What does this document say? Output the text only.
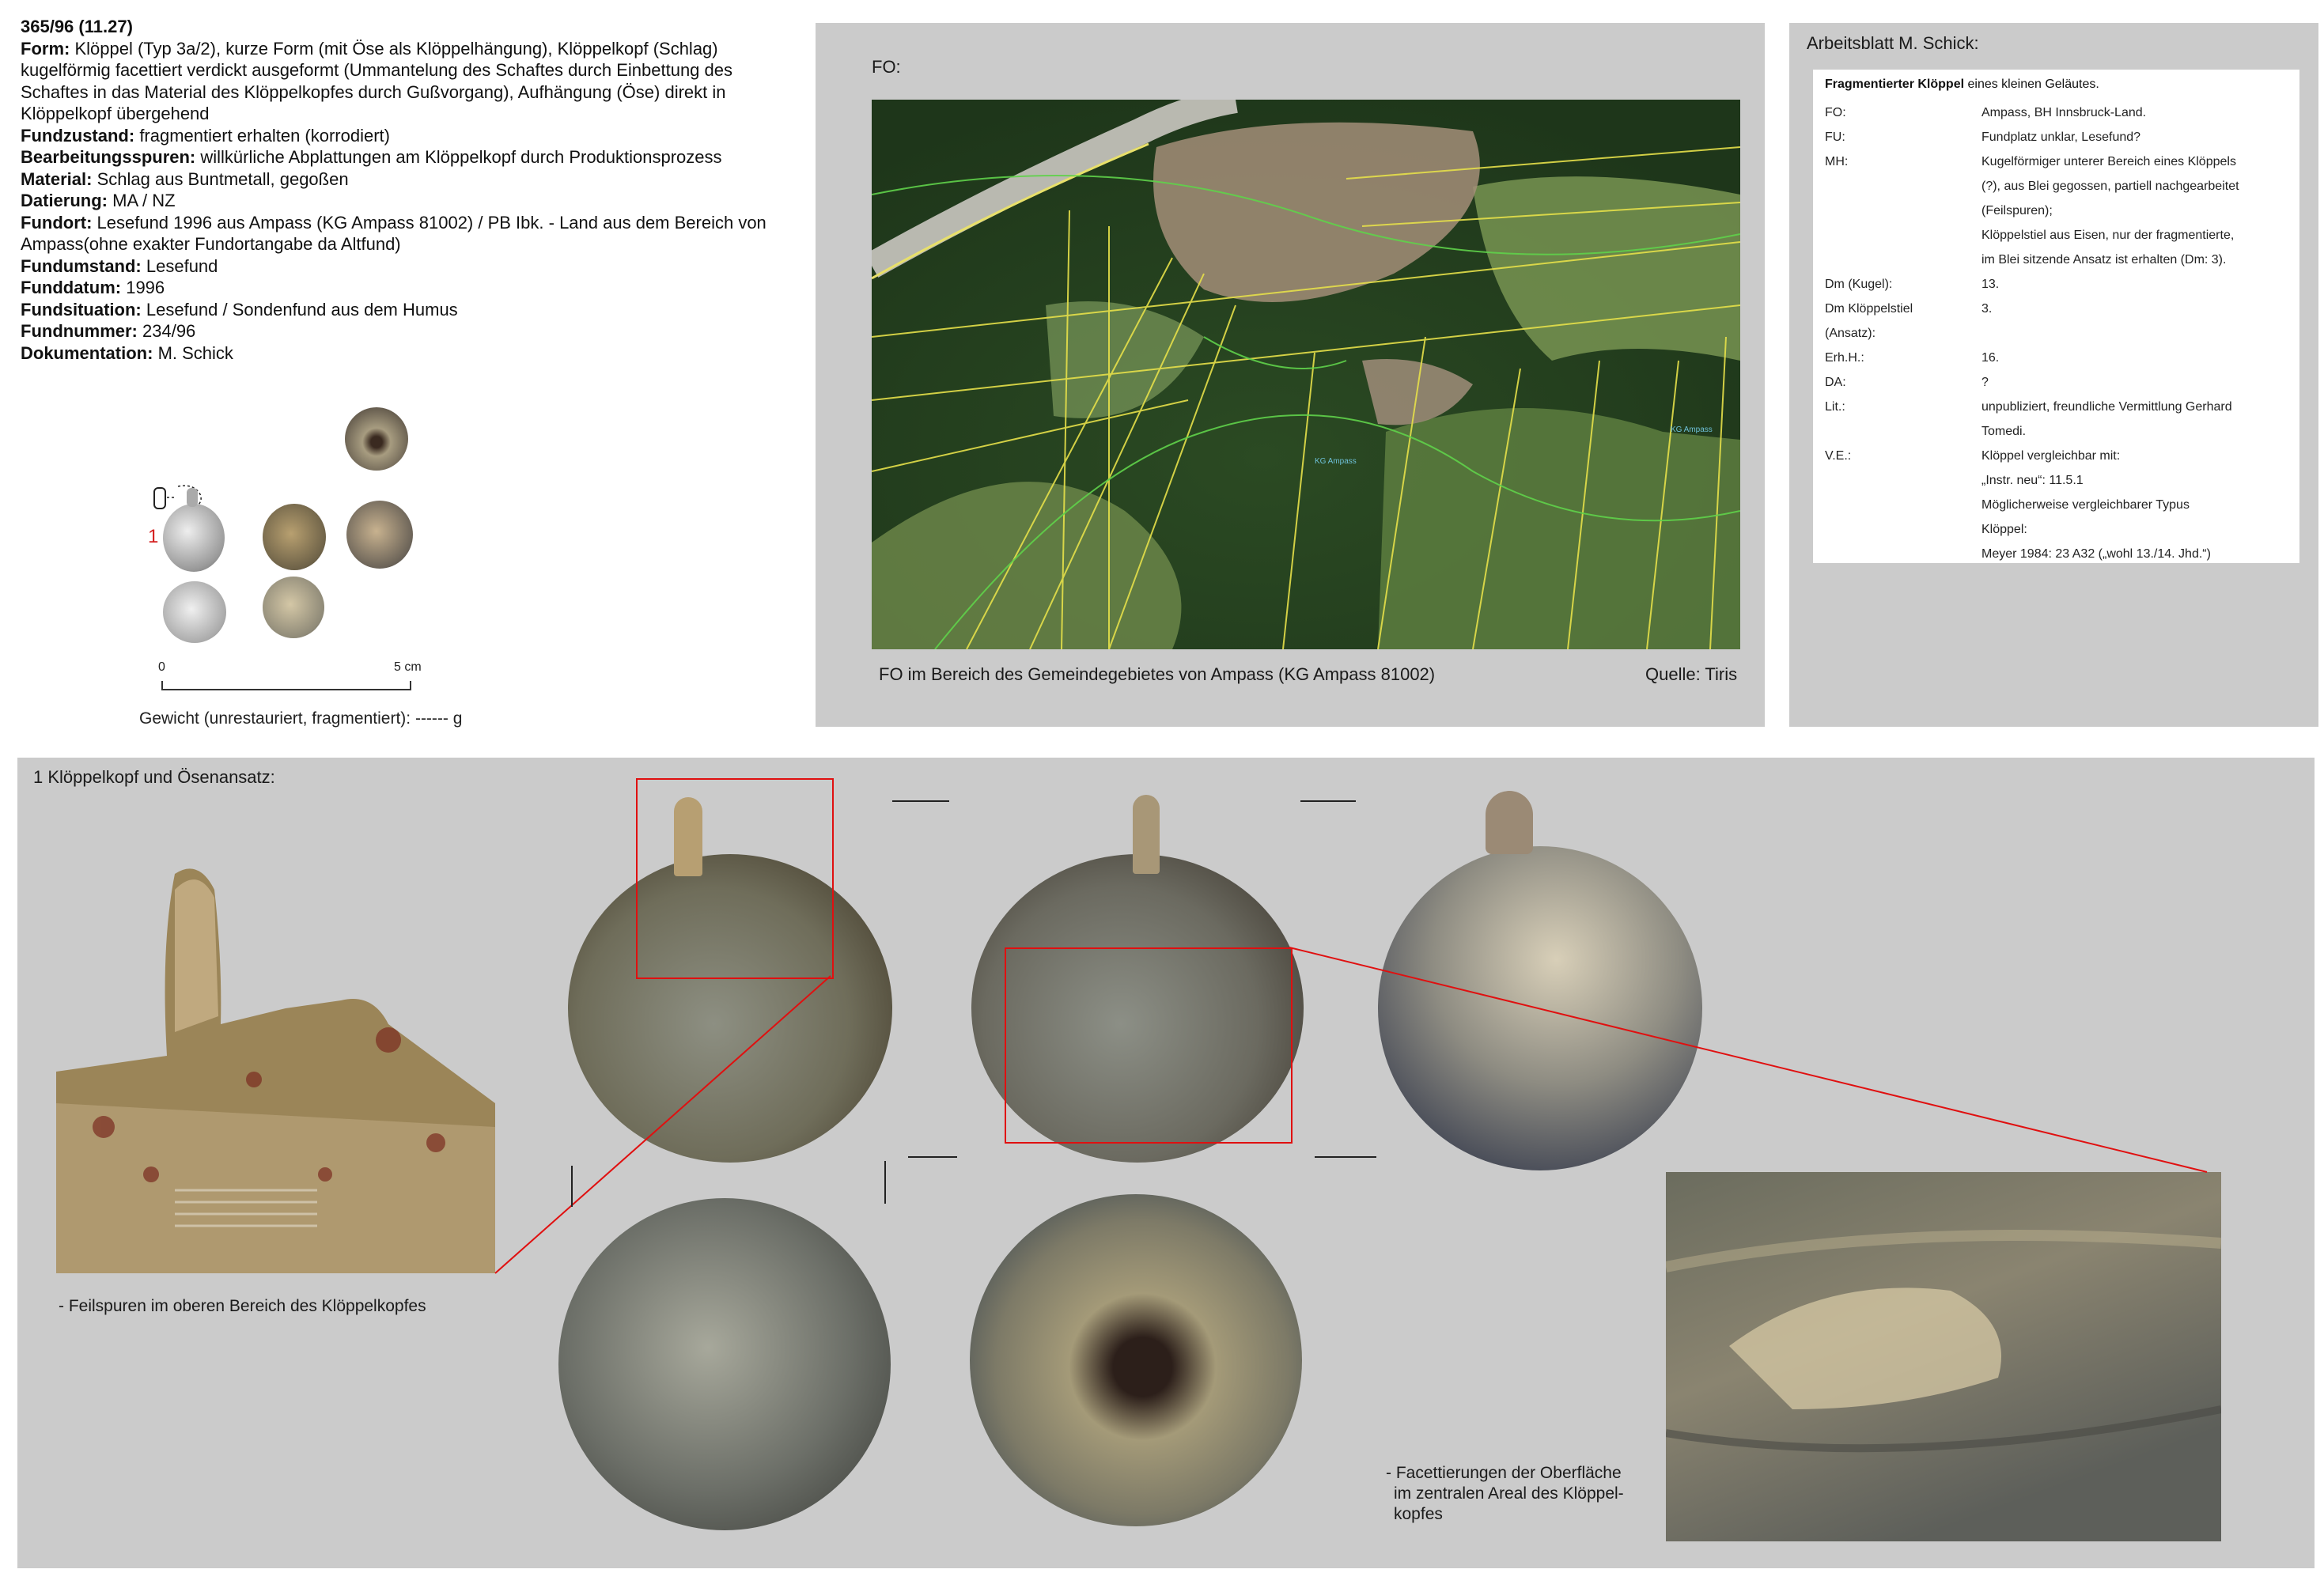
365/96 (11.27)
Form: Klöppel (Typ 3a/2), kurze Form (mit Öse als Klöppelhängung), Klöppelkopf (Schlag) kugelförmig facettiert verdickt ausgeformt (Ummantelung des Schaftes durch Einbettung des Schaftes in das Material des Klöppelkopfes durch Gußvorgang), Aufhängung (Öse) direkt in Klöppelkopf übergehend
Fundzustand: fragmentiert erhalten (korrodiert)
Bearbeitungsspuren: willkürliche Abplattungen am Klöppelkopf durch Produktionsprozess
Material: Schlag aus Buntmetall, gegoßen
Datierung: MA / NZ
Fundort: Lesefund 1996 aus Ampass (KG Ampass 81002) / PB Ibk. - Land aus dem Bereich von Ampass(ohne exakter Fundortangabe da Altfund)
Fundumstand: Lesefund
Funddatum: 1996
Fundsituation: Lesefund / Sondenfund aus dem Humus
Fundnummer: 234/96
Dokumentation: M. Schick
1
0	5 cm
Gewicht (unrestauriert, fragmentiert): ------ g
FO:
KG Ampass
KG Ampass
FO im Bereich des Gemeindegebietes von Ampass (KG Ampass 81002)	Quelle: Tiris
Arbeitsblatt M. Schick:
Fragmentierter Klöppel eines kleinen Geläutes.
FO:	Ampass, BH Innsbruck-Land.
FU:	Fundplatz unklar, Lesefund?
MH:	Kugelförmiger unterer Bereich eines Klöppels
(?), aus Blei gegossen, partiell nachgearbeitet
(Feilspuren);
Klöppelstiel aus Eisen, nur der fragmentierte,
im Blei sitzende Ansatz ist erhalten (Dm: 3).
Dm (Kugel):	13.
Dm Klöppelstiel	3.
(Ansatz):
Erh.H.:	16.
DA:	?
Lit.:	unpubliziert, freundliche Vermittlung Gerhard
Tomedi.
V.E.:	Klöppel vergleichbar mit:
„Instr. neu“: 11.5.1
Möglicherweise vergleichbarer Typus
Klöppel:
Meyer 1984: 23 A32 („wohl 13./14. Jhd.“)
1 Klöppelkopf und Ösenansatz:
- Feilspuren im oberen Bereich des Klöppelkopfes
- Facettierungen der Oberfläche
im zentralen Areal des Klöppel-
kopfes
